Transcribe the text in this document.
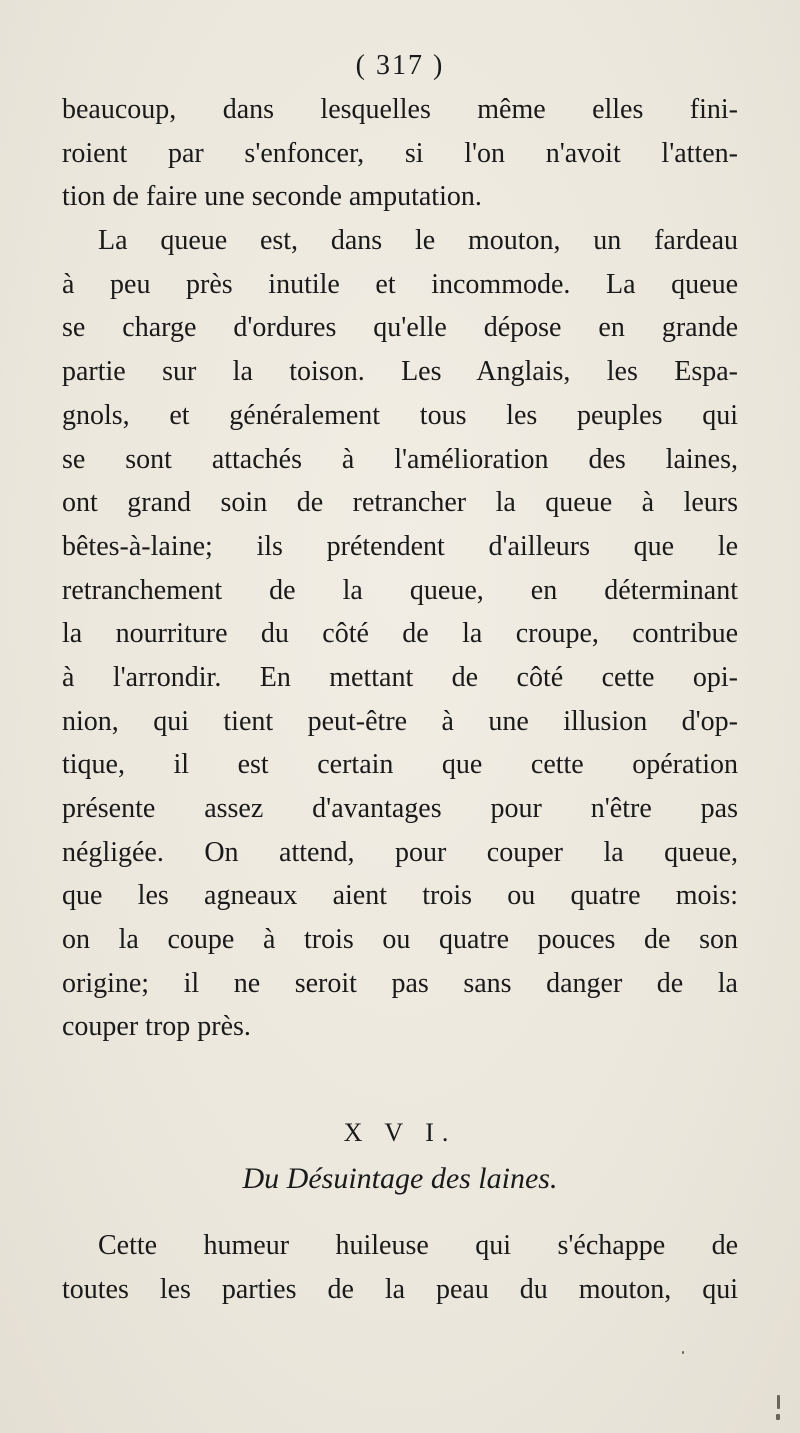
( 317 )
beaucoup, dans lesquelles même elles fini-
roient par s'enfoncer, si l'on n'avoit l'atten-
tion de faire une seconde amputation.
La queue est, dans le mouton, un fardeau
à peu près inutile et incommode. La queue
se charge d'ordures qu'elle dépose en grande
partie sur la toison. Les Anglais, les Espa-
gnols, et généralement tous les peuples qui
se sont attachés à l'amélioration des laines,
ont grand soin de retrancher la queue à leurs
bêtes-à-laine; ils prétendent d'ailleurs que le
retranchement de la queue, en déterminant
la nourriture du côté de la croupe, contribue
à l'arrondir. En mettant de côté cette opi-
nion, qui tient peut-être à une illusion d'op-
tique, il est certain que cette opération
présente assez d'avantages pour n'être pas
négligée. On attend, pour couper la queue,
que les agneaux aient trois ou quatre mois:
on la coupe à trois ou quatre pouces de son
origine; il ne seroit pas sans danger de la
couper trop près.
X V I.
Du Désuintage des laines.
Cette humeur huileuse qui s'échappe de
toutes les parties de la peau du mouton, qui
